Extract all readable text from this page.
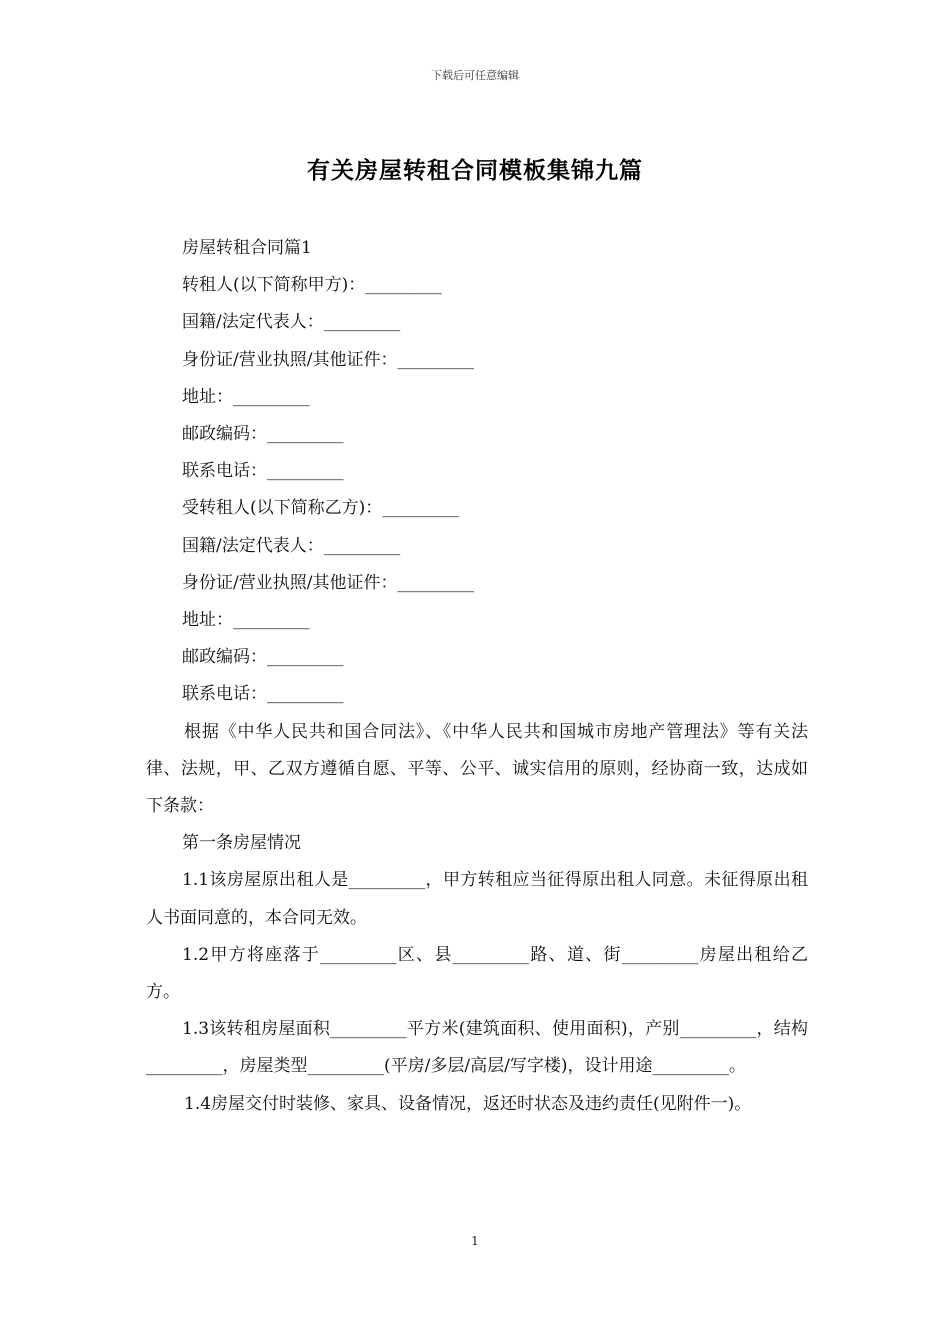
下载后可任意编辑
有关房屋转租合同模板集锦九篇

房屋转租合同篇1

转租人(以下简称甲方)：_________

国籍/法定代表人：_________

身份证/营业执照/其他证件：_________

地址：_________

邮政编码：_________

联系电话：_________

受转租人(以下简称乙方)：_________

国籍/法定代表人：_________

身份证/营业执照/其他证件：_________

地址：_________

邮政编码：_________

联系电话：_________

根据《中华人民共和国合同法》、《中华人民共和国城市房地产管理法》等有关法律、法规，甲、乙双方遵循自愿、平等、公平、诚实信用的原则，经协商一致，达成如下条款：

第一条房屋情况

1.1该房屋原出租人是_________，甲方转租应当征得原出租人同意。未征得原出租人书面同意的，本合同无效。

1.2甲方将座落于_________区、县_________路、道、街_________房屋出租给乙方。

1.3该转租房屋面积_________平方米(建筑面积、使用面积)，产别_________，结构_________，房屋类型_________(平房/多层/高层/写字楼)，设计用途_________。

1.4房屋交付时装修、家具、设备情况，返还时状态及违约责任(见附件一)。

1
